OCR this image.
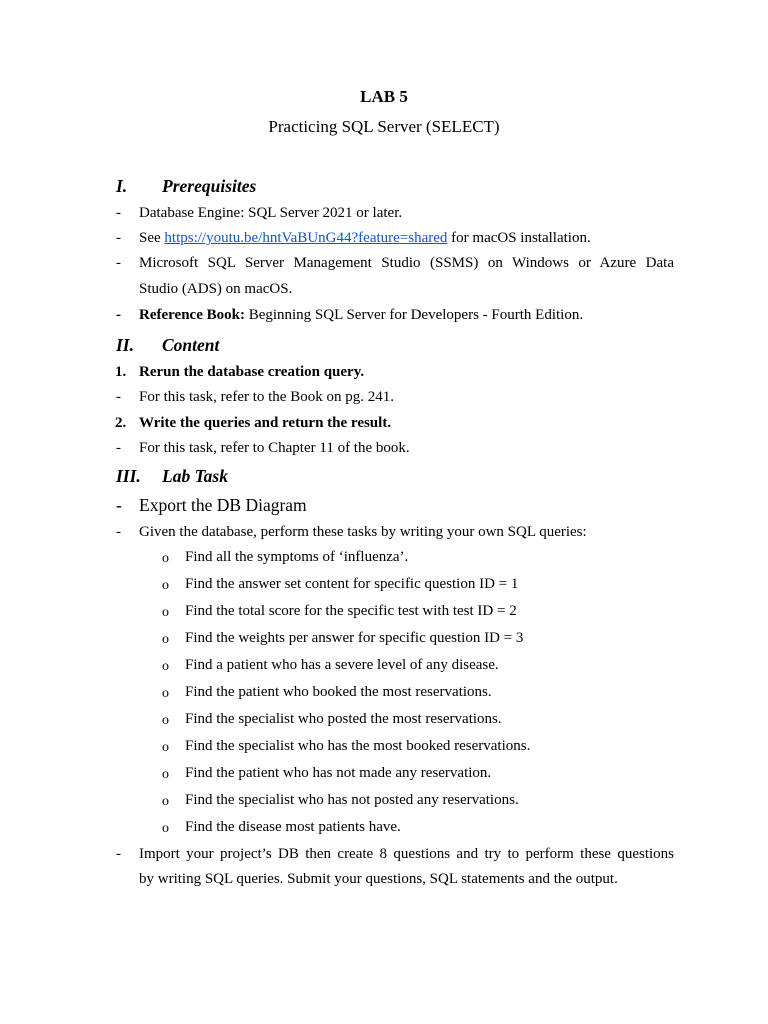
LAB 5
Practicing SQL Server (SELECT)
I. Prerequisites
- Database Engine: SQL Server 2021 or later.
- See https://youtu.be/hntVaBUnG44?feature=shared for macOS installation.
- Microsoft SQL Server Management Studio (SSMS) on Windows or Azure Data
Studio (ADS) on macOS.
- Reference Book: Beginning SQL Server for Developers - Fourth Edition.
II. Content
1. Rerun the database creation query.
- For this task, refer to the Book on pg. 241.
2. Write the queries and return the result.
- For this task, refer to Chapter 11 of the book.
III. Lab Task
- Export the DB Diagram
- Given the database, perform these tasks by writing your own SQL queries:
o Find all the symptoms of ‘influenza’.
o Find the answer set content for specific question ID = 1
o Find the total score for the specific test with test ID = 2
o Find the weights per answer for specific question ID = 3
o Find a patient who has a severe level of any disease.
o Find the patient who booked the most reservations.
o Find the specialist who posted the most reservations.
o Find the specialist who has the most booked reservations.
o Find the patient who has not made any reservation.
o Find the specialist who has not posted any reservations.
o Find the disease most patients have.
- Import your project’s DB then create 8 questions and try to perform these questions
by writing SQL queries. Submit your questions, SQL statements and the output.
